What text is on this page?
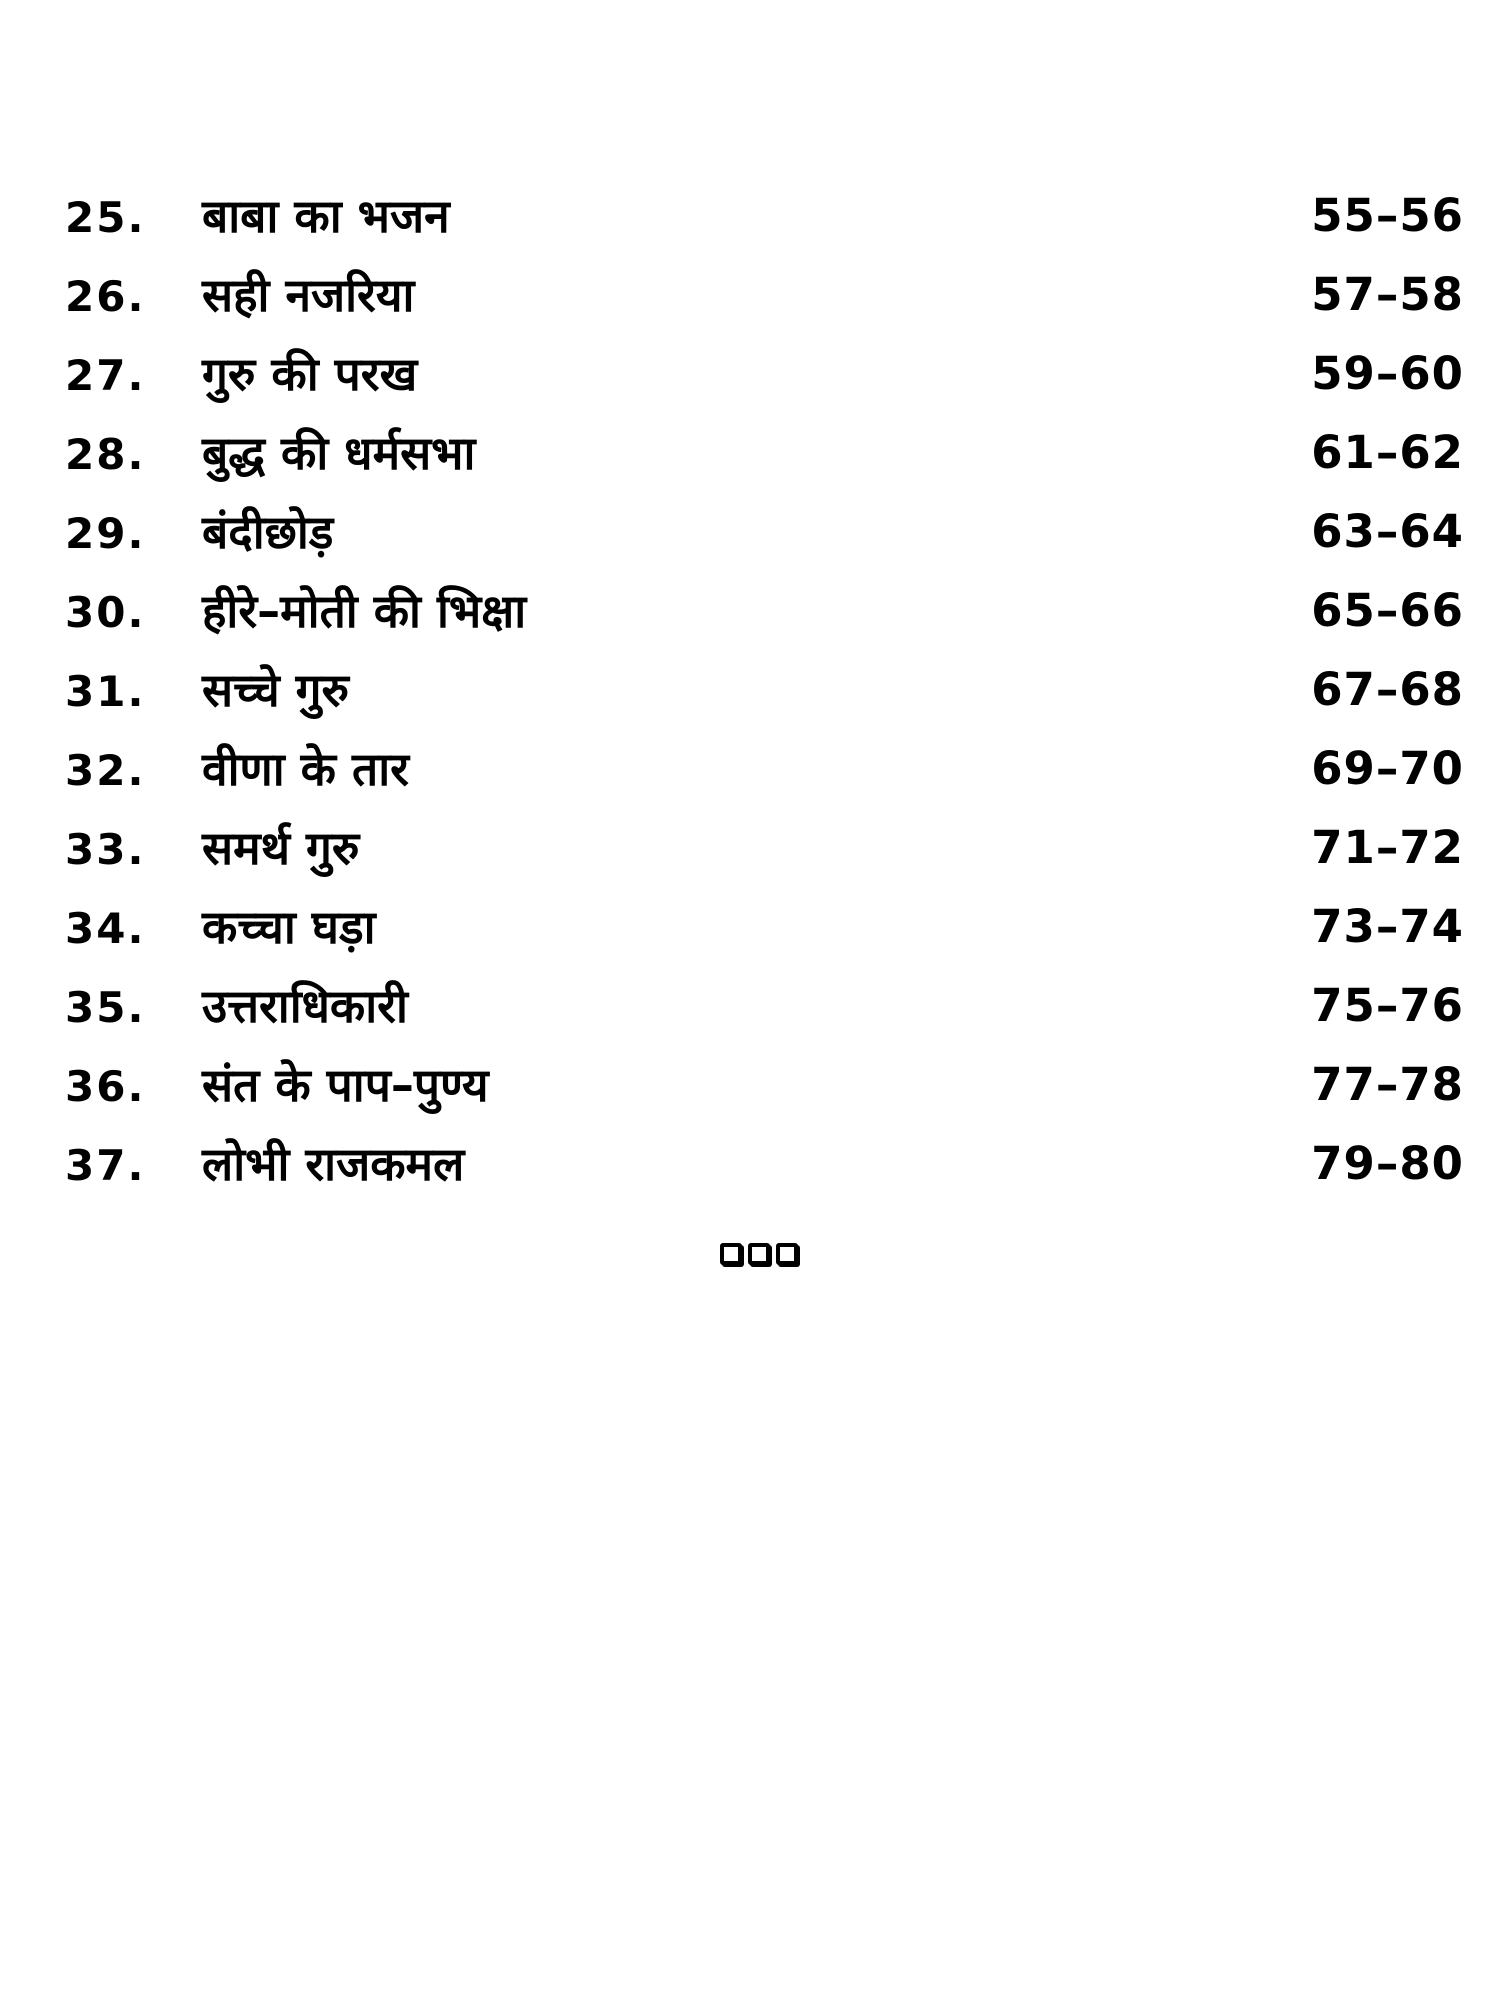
25.	बाबा का भजन	55–56
26.	सही नजरिया	57–58
27.	गुरु की परख	59–60
28.	बुद्ध की धर्मसभा	61–62
29.	बंदीछोड़	63–64
30.	हीरे–मोती की भिक्षा	65–66
31.	सच्चे गुरु	67–68
32.	वीणा के तार	69–70
33.	समर्थ गुरु	71–72
34.	कच्चा घड़ा	73–74
35.	उत्तराधिकारी	75–76
36.	संत के पाप–पुण्य	77–78
37.	लोभी राजकमल	79–80
